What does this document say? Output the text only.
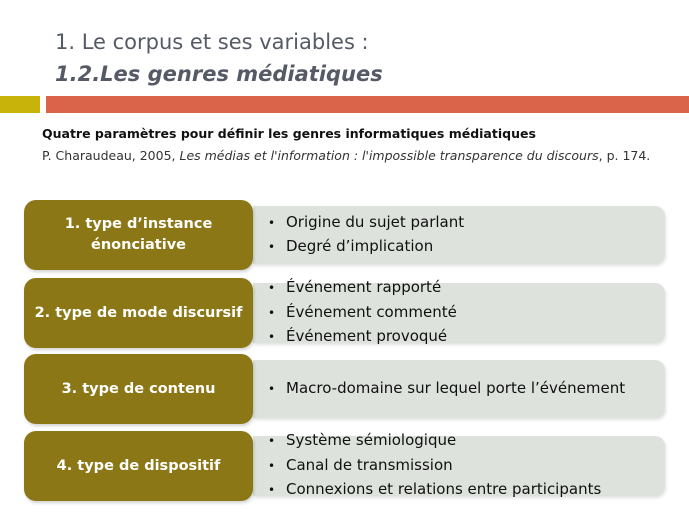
1. Le corpus et ses variables :
1.2.Les genres médiatiques
Quatre paramètres pour définir les genres informatiques médiatiques
P. Charaudeau, 2005, Les médias et l'information : l'impossible transparence du discours, p. 174.
• Origine du sujet parlant
• Degré d’implication
1. type d’instance
énonciative
• Événement rapporté
• Événement commenté
• Événement provoqué
2. type de mode discursif
• Macro-domaine sur lequel porte l’événement
3. type de contenu
• Système sémiologique
• Canal de transmission
• Connexions et relations entre participants
4. type de dispositif
